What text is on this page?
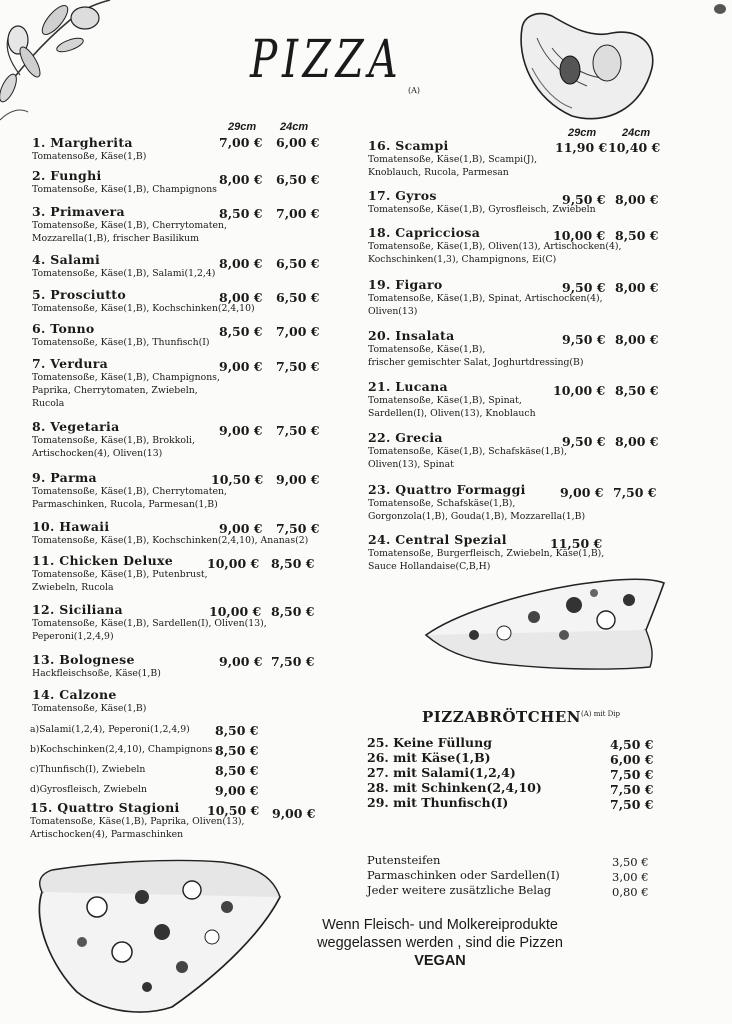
PIZZA
(A)
29cm 24cm	29cm 24cm
1. Margherita
Tomatensoße, Käse(1,B)
7,00 € 6,00 €
2. Funghi
Tomatensoße, Käse(1,B), Champignons
8,00 € 6,50 €
3. Primavera
Tomatensoße, Käse(1,B), Cherrytomaten,
Mozzarella(1,B), frischer Basilikum
8,50 € 7,00 €
4. Salami
Tomatensoße, Käse(1,B), Salami(1,2,4)
8,00 € 6,50 €
5. Prosciutto
Tomatensoße, Käse(1,B), Kochschinken(2,4,10)
8,00 € 6,50 €
6. Tonno
Tomatensoße, Käse(1,B), Thunfisch(I)
8,50 € 7,00 €
7. Verdura
Tomatensoße, Käse(1,B), Champignons,
Paprika, Cherrytomaten, Zwiebeln,
Rucola
9,00 € 7,50 €
8. Vegetaria
Tomatensoße, Käse(1,B), Brokkoli,
Artischocken(4), Oliven(13)
9,00 € 7,50 €
9. Parma
Tomatensoße, Käse(1,B), Cherrytomaten,
Parmaschinken, Rucola, Parmesan(1,B)
10,50 € 9,00 €
10. Hawaii
Tomatensoße, Käse(1,B), Kochschinken(2,4,10), Ananas(2)
9,00 € 7,50 €
11. Chicken Deluxe
Tomatensoße, Käse(1,B), Putenbrust,
Zwiebeln, Rucola
10,00 € 8,50 €
12. Siciliana
Tomatensoße, Käse(1,B), Sardellen(I), Oliven(13),
Peperoni(1,2,4,9)
10,00 € 8,50 €
13. Bolognese
Hackfleischsoße, Käse(1,B)
9,00 € 7,50 €
14. Calzone
Tomatensoße, Käse(1,B)
a)Salami(1,2,4), Peperoni(1,2,4,9) 8,50 €
b)Kochschinken(2,4,10), Champignons 8,50 €
c)Thunfisch(I), Zwiebeln	8,50 €
d)Gyrosfleisch, Zwiebeln	9,00 €
15. Quattro Stagioni
Tomatensoße, Käse(1,B), Paprika, Oliven(13),
Artischocken(4), Parmaschinken
10,50 € 9,00 €
16. Scampi
Tomatensoße, Käse(1,B), Scampi(J),
Knoblauch, Rucola, Parmesan
11,90 € 10,40 €
17. Gyros
Tomatensoße, Käse(1,B), Gyrosfleisch, Zwiebeln
9,50 € 8,00 €
18. Capricciosa
Tomatensoße, Käse(1,B), Oliven(13), Artischocken(4),
Kochschinken(1,3), Champignons, Ei(C)
10,00 € 8,50 €
19. Figaro
Tomatensoße, Käse(1,B), Spinat, Artischocken(4),
Oliven(13)
9,50 € 8,00 €
20. Insalata
Tomatensoße, Käse(1,B),
frischer gemischter Salat, Joghurtdressing(B)
9,50 € 8,00 €
21. Lucana
Tomatensoße, Käse(1,B), Spinat,
Sardellen(I), Oliven(13), Knoblauch
10,00 € 8,50 €
22. Grecia
Tomatensoße, Käse(1,B), Schafskäse(1,B),
Oliven(13), Spinat
9,50 € 8,00 €
23. Quattro Formaggi
Tomatensoße, Schafskäse(1,B),
Gorgonzola(1,B), Gouda(1,B), Mozzarella(1,B)
9,00 € 7,50 €
24. Central Spezial
Tomatensoße, Burgerfleisch, Zwiebeln, Käse(1,B),
Sauce Hollandaise(C,B,H)
11,50 €
$PIZZABRÖTCHEN^{(A) mit Dip}$
25. Keine Füllung	4,50 €
26. mit Käse(1,B)	6,00 €
27. mit Salami(1,2,4)	7,50 €
28. mit Schinken(2,4,10)	7,50 €
29. mit Thunfisch(I)	7,50 €
Putensteifen	3,50 €
Parmaschinken oder Sardellen(I)	3,00 €
Jeder weitere zusätzliche Belag	0,80 €
Wenn Fleisch- und Molkereiprodukte
weggelassen werden , sind die Pizzen
VEGAN
